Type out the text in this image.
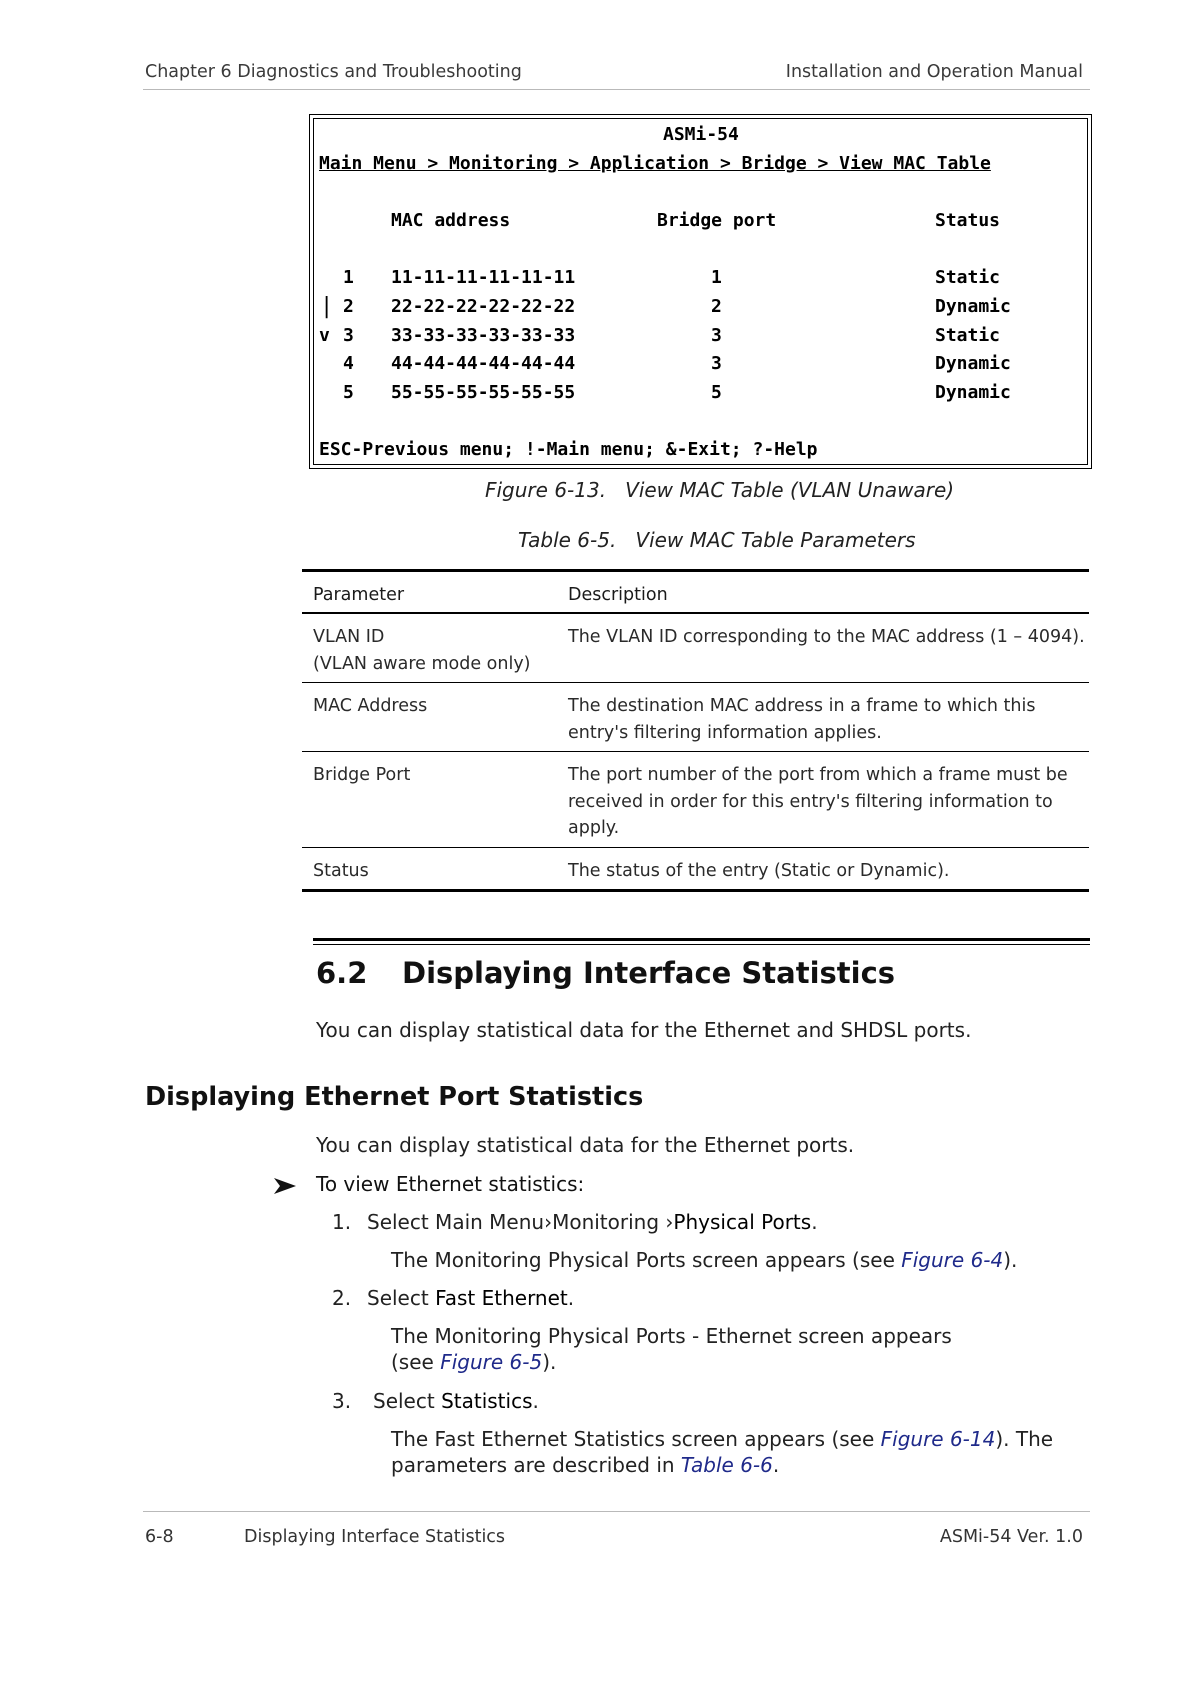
Chapter 6 Diagnostics and Troubleshooting	Installation and Operation Manual
ASMi-54
Main Menu > Monitoring > Application > Bridge > View MAC Table
MAC address	Bridge port	Status
1 11-11-11-11-11-11	1	Static
| 2 22-22-22-22-22-22	2	Dynamic
v 3 33-33-33-33-33-33	3	Static
4 44-44-44-44-44-44	3	Dynamic
5 55-55-55-55-55-55	5	Dynamic
ESC-Previous menu; !-Main menu; &-Exit; ?-Help
Figure 6-13.   View MAC Table (VLAN Unaware)
Table 6-5.   View MAC Table Parameters
Parameter	Description

VLAN ID
(VLAN aware mode only)	The VLAN ID corresponding to the MAC address (1 – 4094).
MAC Address	The destination MAC address in a frame to which this entry's filtering information applies.
Bridge Port	The port number of the port from which a frame must be received in order for this entry's filtering information to apply.
Status	The status of the entry (Static or Dynamic).
6.2 Displaying Interface Statistics
You can display statistical data for the Ethernet and SHDSL ports.
Displaying Ethernet Port Statistics
You can display statistical data for the Ethernet ports.
To view Ethernet statistics:
1. Select Main Menu›Monitoring ›Physical Ports.
The Monitoring Physical Ports screen appears (see Figure 6-4).
2. Select Fast Ethernet.
The Monitoring Physical Ports - Ethernet screen appears
(see Figure 6-5).
3. Select Statistics.
The Fast Ethernet Statistics screen appears (see Figure 6-14). The
parameters are described in Table 6-6.
6-8	Displaying Interface Statistics	ASMi-54 Ver. 1.0
